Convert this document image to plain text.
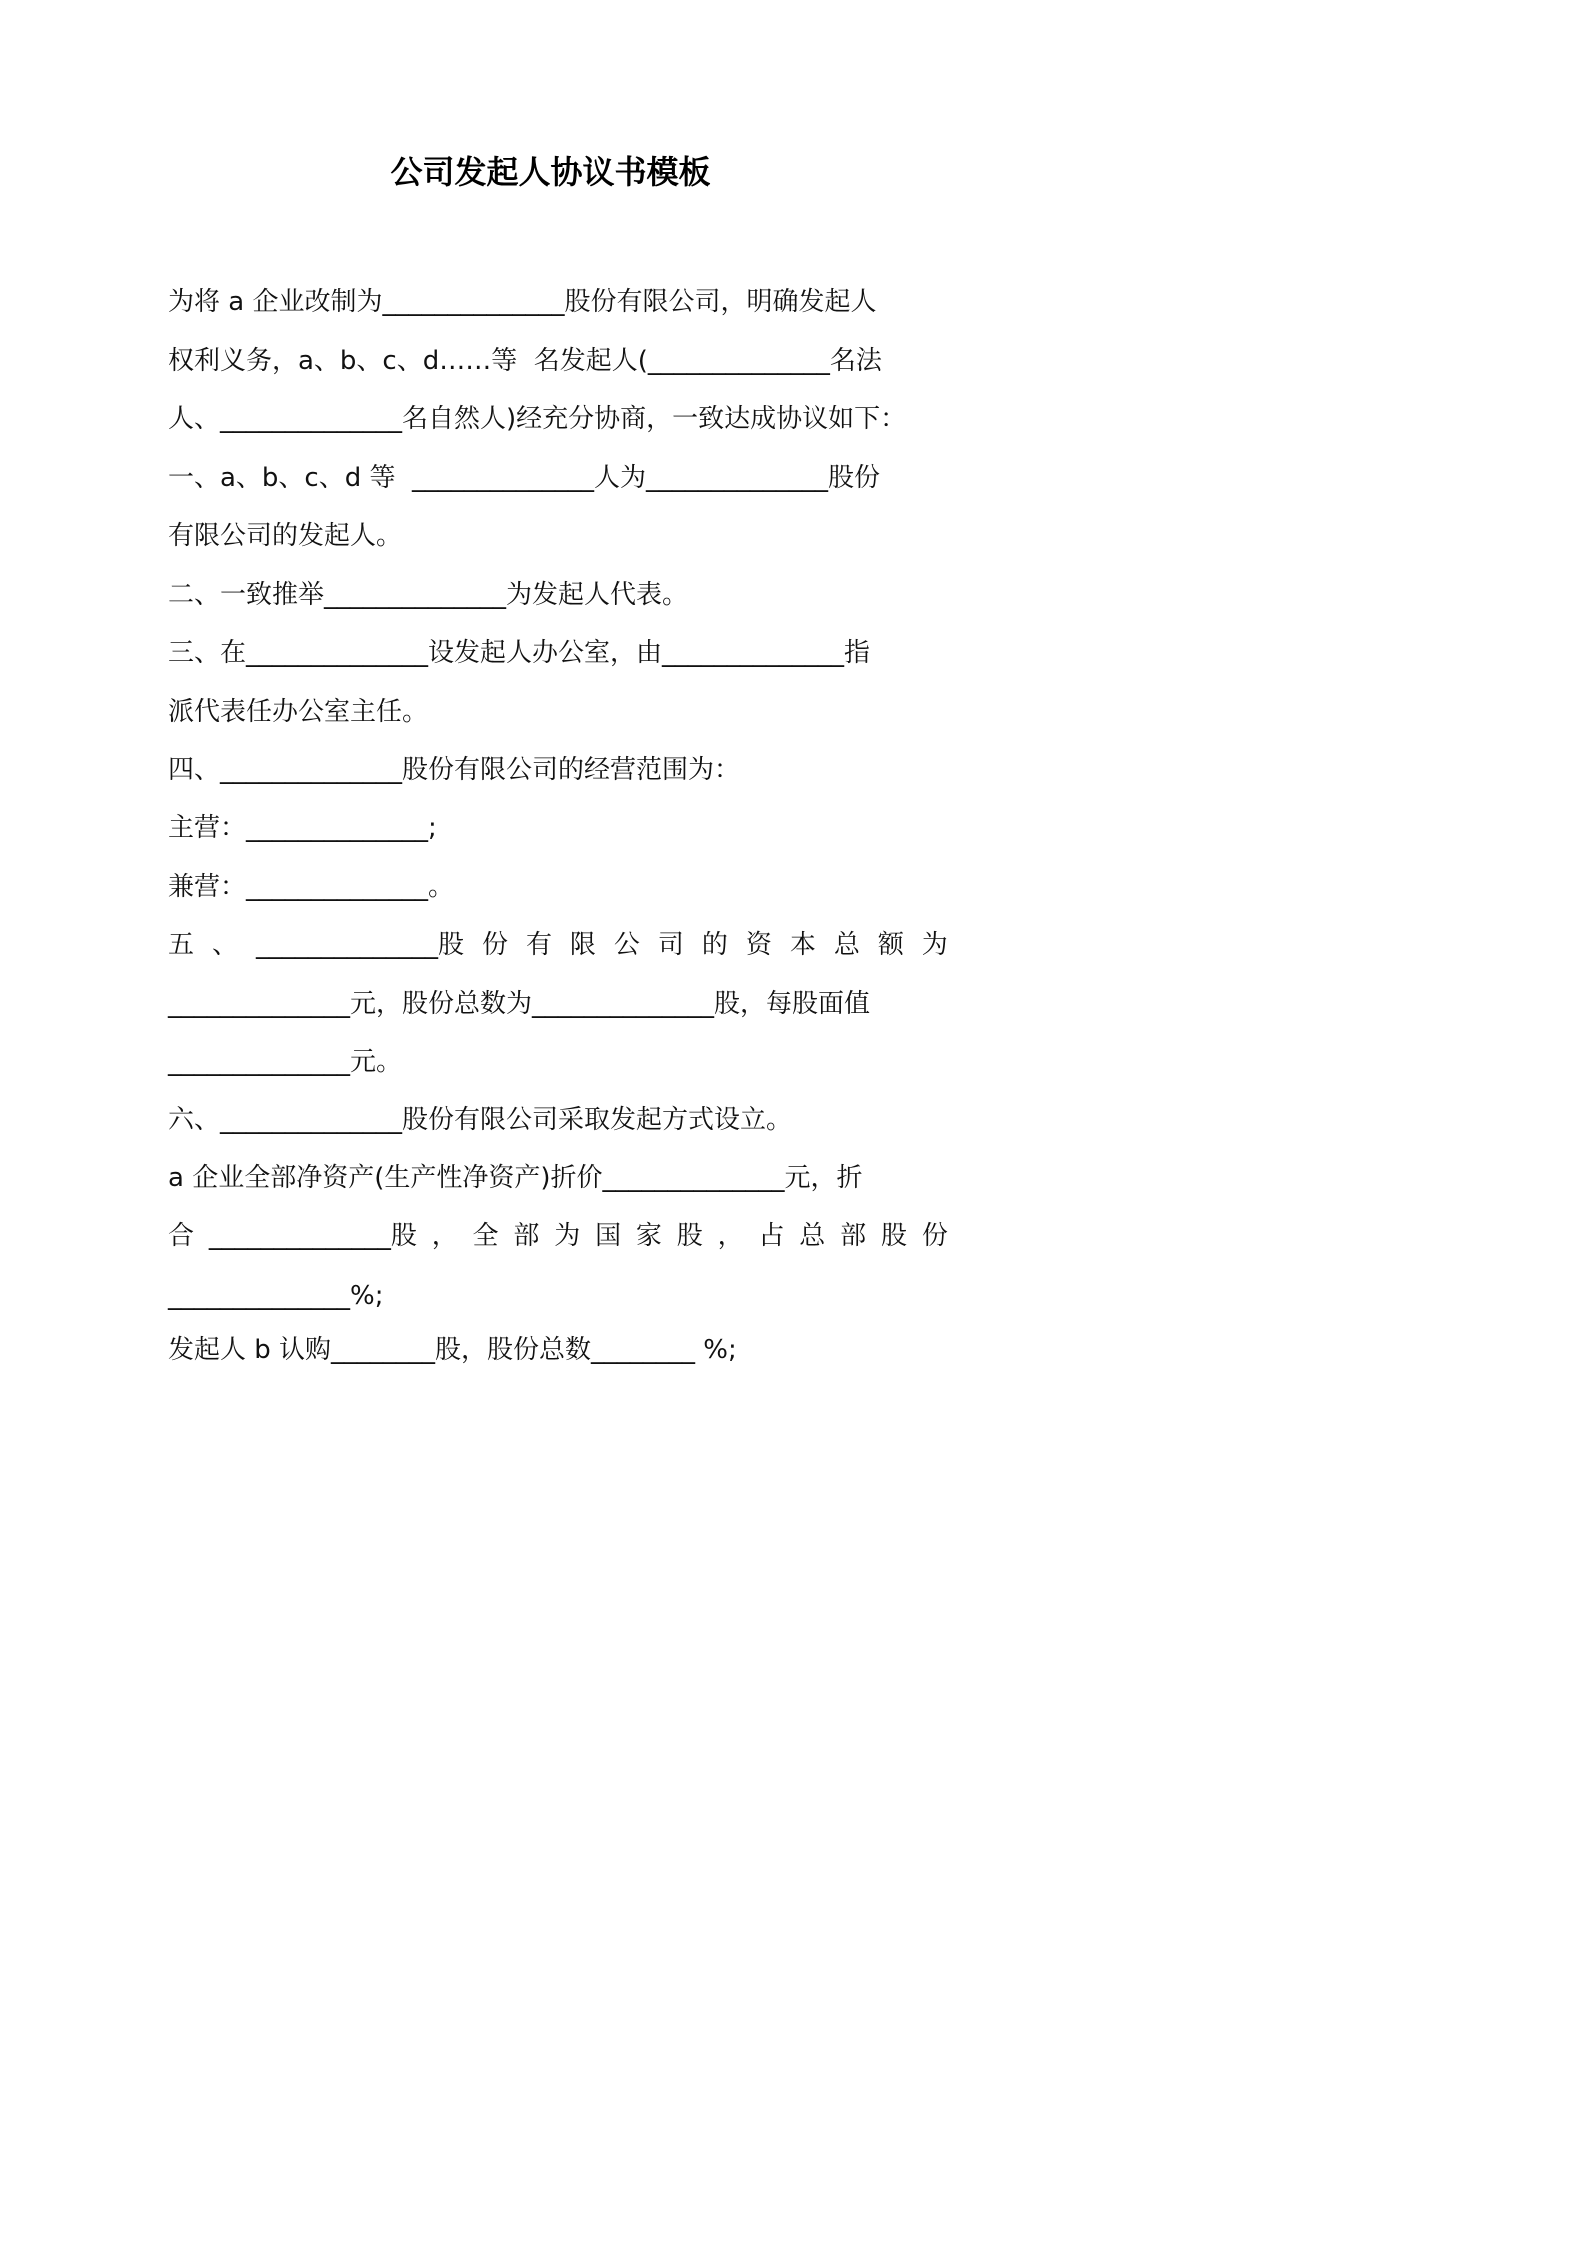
公司发起人协议书模板

为将 a 企业改制为______________股份有限公司，明确发起人

权利义务，a、b、c、d……等  名发起人(______________名法

人、______________名自然人)经充分协商，一致达成协议如下：

一、a、b、c、d 等  ______________人为______________股份

有限公司的发起人。

二、一致推举______________为发起人代表。

三、在______________设发起人办公室，由______________指

派代表任办公室主任。

四、______________股份有限公司的经营范围为：

主营：______________;

兼营：______________。

五 、 ______________股 份 有 限 公 司 的 资 本 总 额 为

______________元，股份总数为______________股，每股面值

______________元。

六、______________股份有限公司采取发起方式设立。

a 企业全部净资产(生产性净资产)折价______________元，折

合 ______________股 ， 全 部 为 国 家 股 ， 占 总 部 股 份

______________%;

发起人 b 认购________股，股份总数________ %;
